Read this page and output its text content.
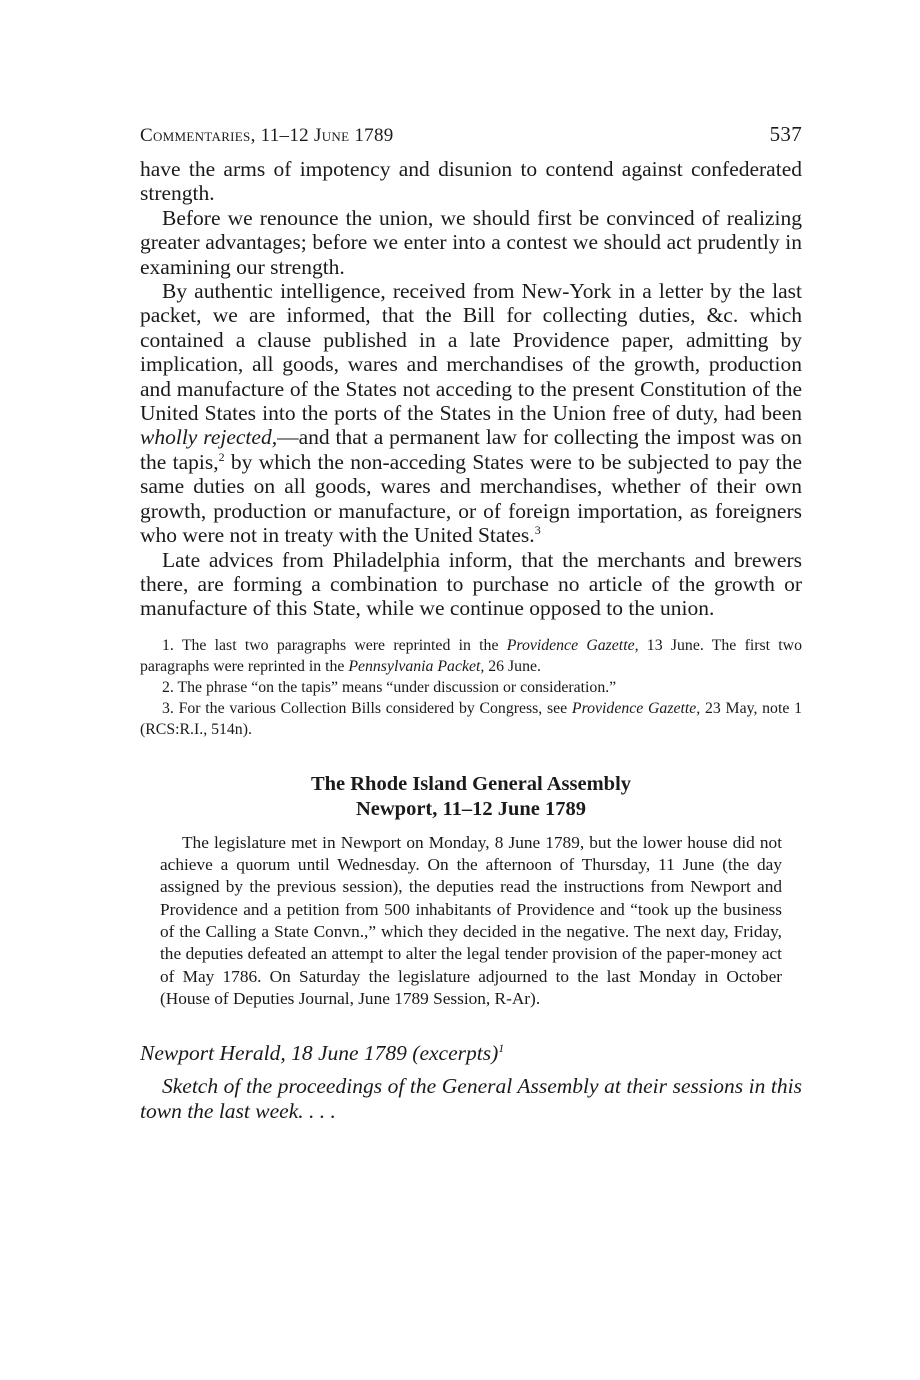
Commentaries, 11–12 June 1789	537

have the arms of impotency and disunion to contend against confederated strength.

Before we renounce the union, we should first be convinced of realizing greater advantages; before we enter into a contest we should act prudently in examining our strength.

By authentic intelligence, received from New-York in a letter by the last packet, we are informed, that the Bill for collecting duties, &c. which contained a clause published in a late Providence paper, admitting by implication, all goods, wares and merchandises of the growth, production and manufacture of the States not acceding to the present Constitution of the United States into the ports of the States in the Union free of duty, had been wholly rejected,—and that a permanent law for collecting the impost was on the tapis,$^2$ by which the non-acceding States were to be subjected to pay the same duties on all goods, wares and merchandises, whether of their own growth, production or manufacture, or of foreign importation, as foreigners who were not in treaty with the United States.$^3$

Late advices from Philadelphia inform, that the merchants and brewers there, are forming a combination to purchase no article of the growth or manufacture of this State, while we continue opposed to the union.

1. The last two paragraphs were reprinted in the Providence Gazette, 13 June. The first two paragraphs were reprinted in the Pennsylvania Packet, 26 June.

2. The phrase “on the tapis” means “under discussion or consideration.”

3. For the various Collection Bills considered by Congress, see Providence Gazette, 23 May, note 1 (RCS:R.I., 514n).

The Rhode Island General Assembly
Newport, 11–12 June 1789

The legislature met in Newport on Monday, 8 June 1789, but the lower house did not achieve a quorum until Wednesday. On the afternoon of Thursday, 11 June (the day assigned by the previous session), the deputies read the instructions from Newport and Providence and a petition from 500 inhabitants of Providence and “took up the business of the Calling a State Convn.,” which they decided in the negative. The next day, Friday, the deputies defeated an attempt to alter the legal tender provision of the paper-money act of May 1786. On Saturday the legislature adjourned to the last Monday in October (House of Deputies Journal, June 1789 Session, R-Ar).

Newport Herald, 18 June 1789 (excerpts)$^1$

Sketch of the proceedings of the General Assembly at their sessions in this town the last week. . . .
